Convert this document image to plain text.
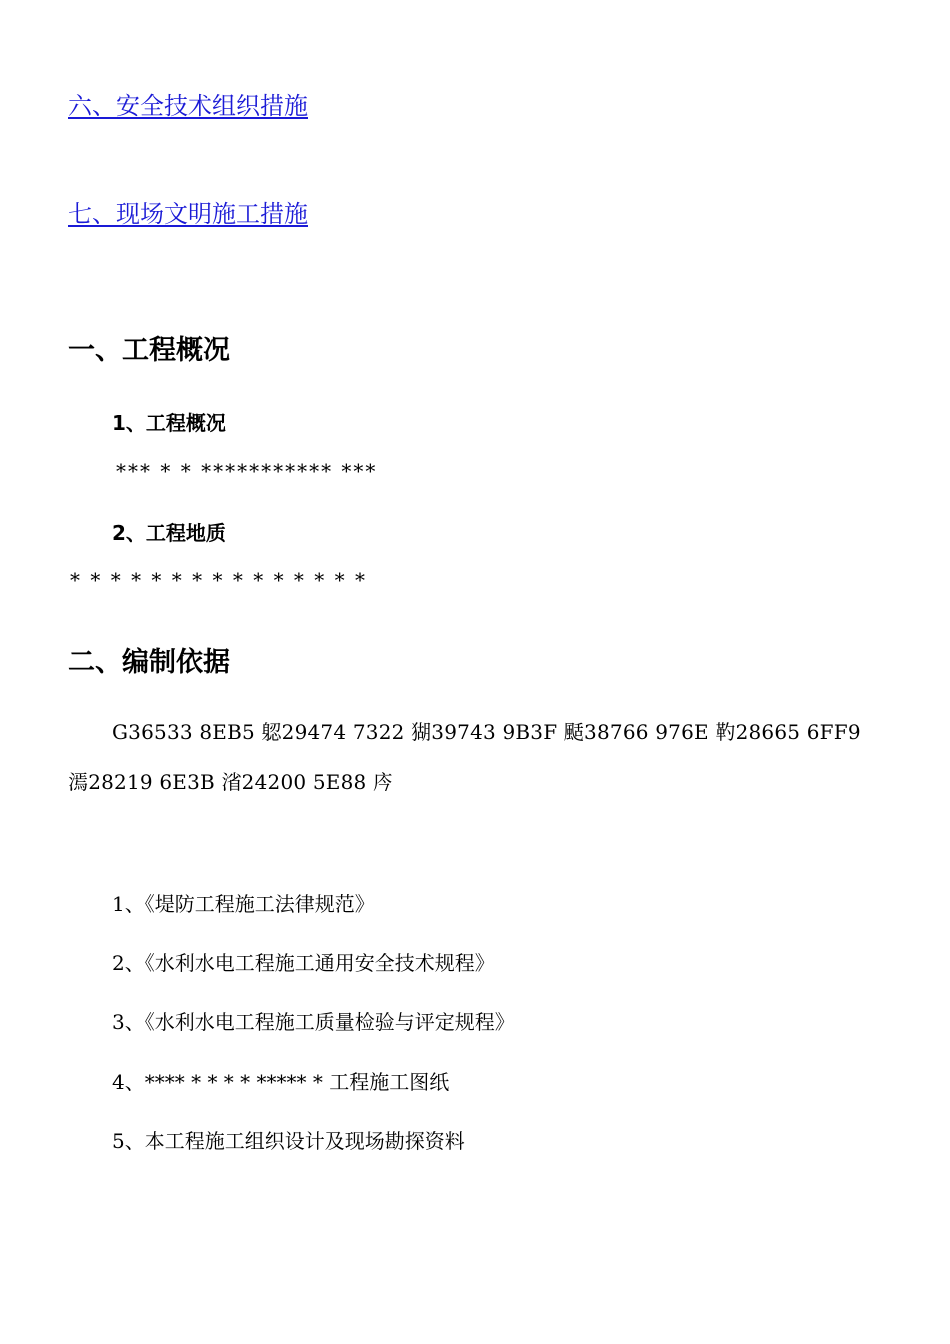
六、安全技术组织措施
七、现场文明施工措施
一、工程概况
1、工程概况

*** * * *********** ***

2、工程地质

* * * * * * * * * * * * * * *

二、编制依据

G36533 8EB5 躵29474 7322 猢39743 9B3F 颳38766 976E 靮28665 6FF9 漹28219 6E3B 渻24200 5E88 庈

1、《堤防工程施工法律规范》

2、《水利水电工程施工通用安全技术规程》

3、《水利水电工程施工质量检验与评定规程》

4、**** * * * * ***** * 工程施工图纸

5、本工程施工组织设计及现场勘探资料
